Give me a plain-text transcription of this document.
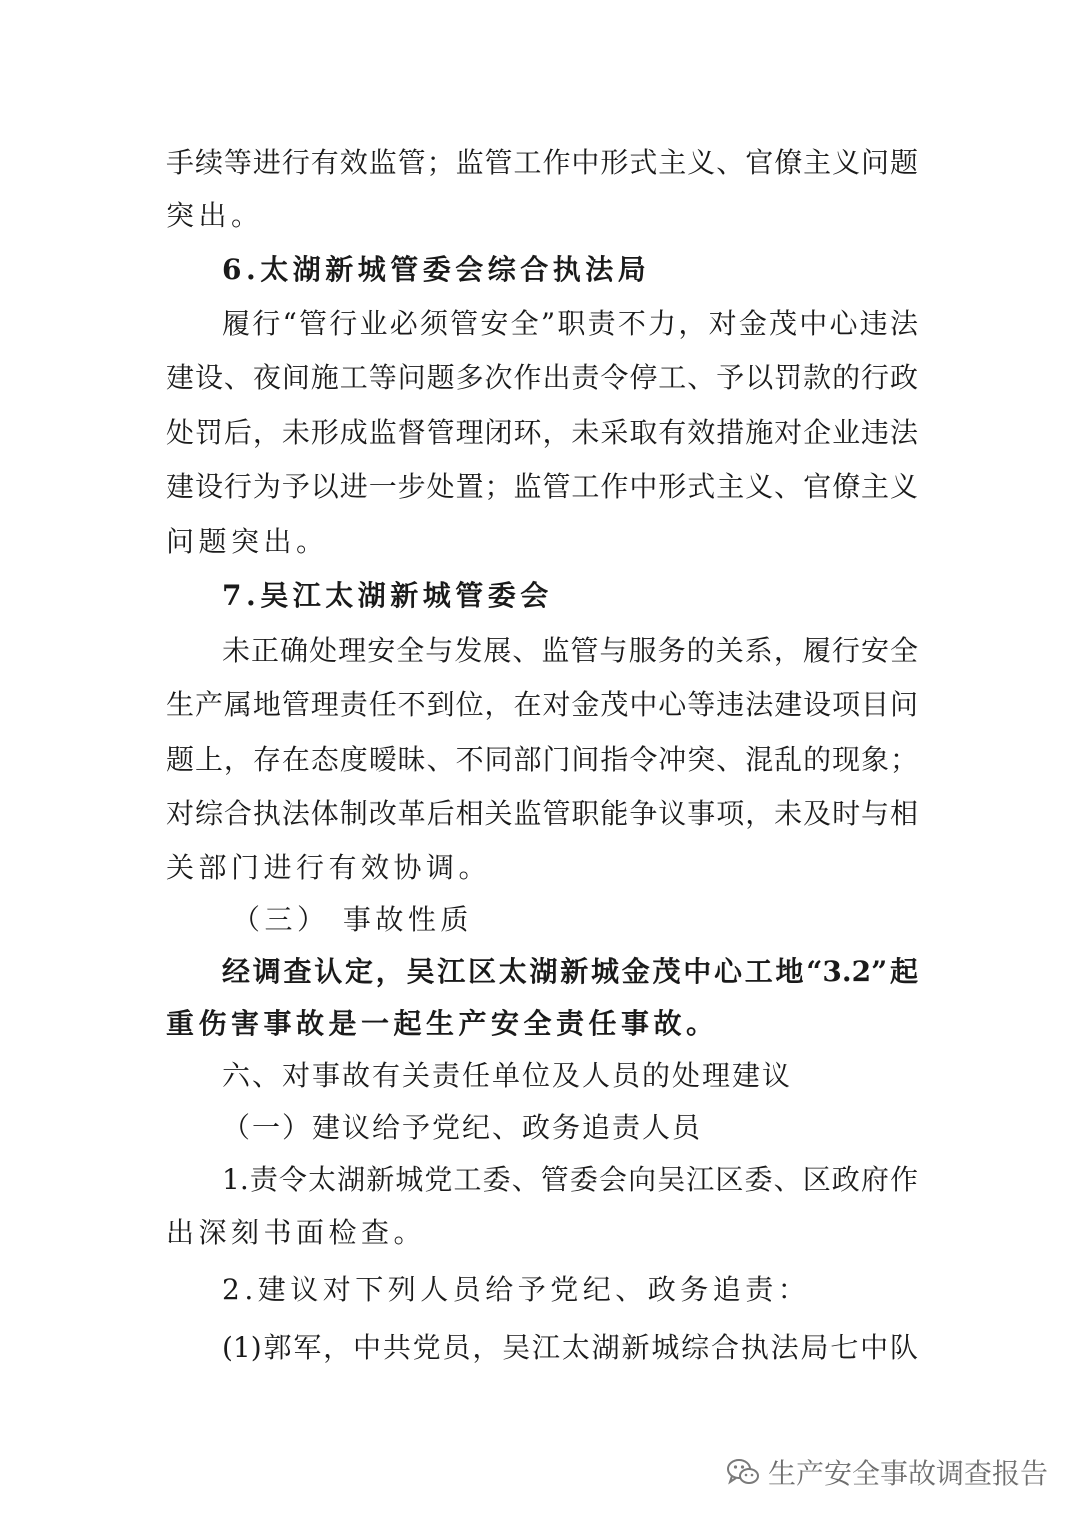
手续等进行有效监管；监管工作中形式主义、官僚主义问题
突出。
6.太湖新城管委会综合执法局
履行“管行业必须管安全”职责不力，对金茂中心违法
建设、夜间施工等问题多次作出责令停工、予以罚款的行政
处罚后，未形成监督管理闭环，未采取有效措施对企业违法
建设行为予以进一步处置；监管工作中形式主义、官僚主义
问题突出。
7.吴江太湖新城管委会
未正确处理安全与发展、监管与服务的关系，履行安全
生产属地管理责任不到位，在对金茂中心等违法建设项目问
题上，存在态度暧昧、不同部门间指令冲突、混乱的现象；
对综合执法体制改革后相关监管职能争议事项，未及时与相
关部门进行有效协调。
（三） 事故性质
经调查认定，吴江区太湖新城金茂中心工地“3.2”起
重伤害事故是一起生产安全责任事故。
六、对事故有关责任单位及人员的处理建议
（一）建议给予党纪、政务追责人员
1.责令太湖新城党工委、管委会向吴江区委、区政府作
出深刻书面检查。
2.建议对下列人员给予党纪、政务追责：
(1)郭军，中共党员，吴江太湖新城综合执法局七中队
生产安全事故调查报告
